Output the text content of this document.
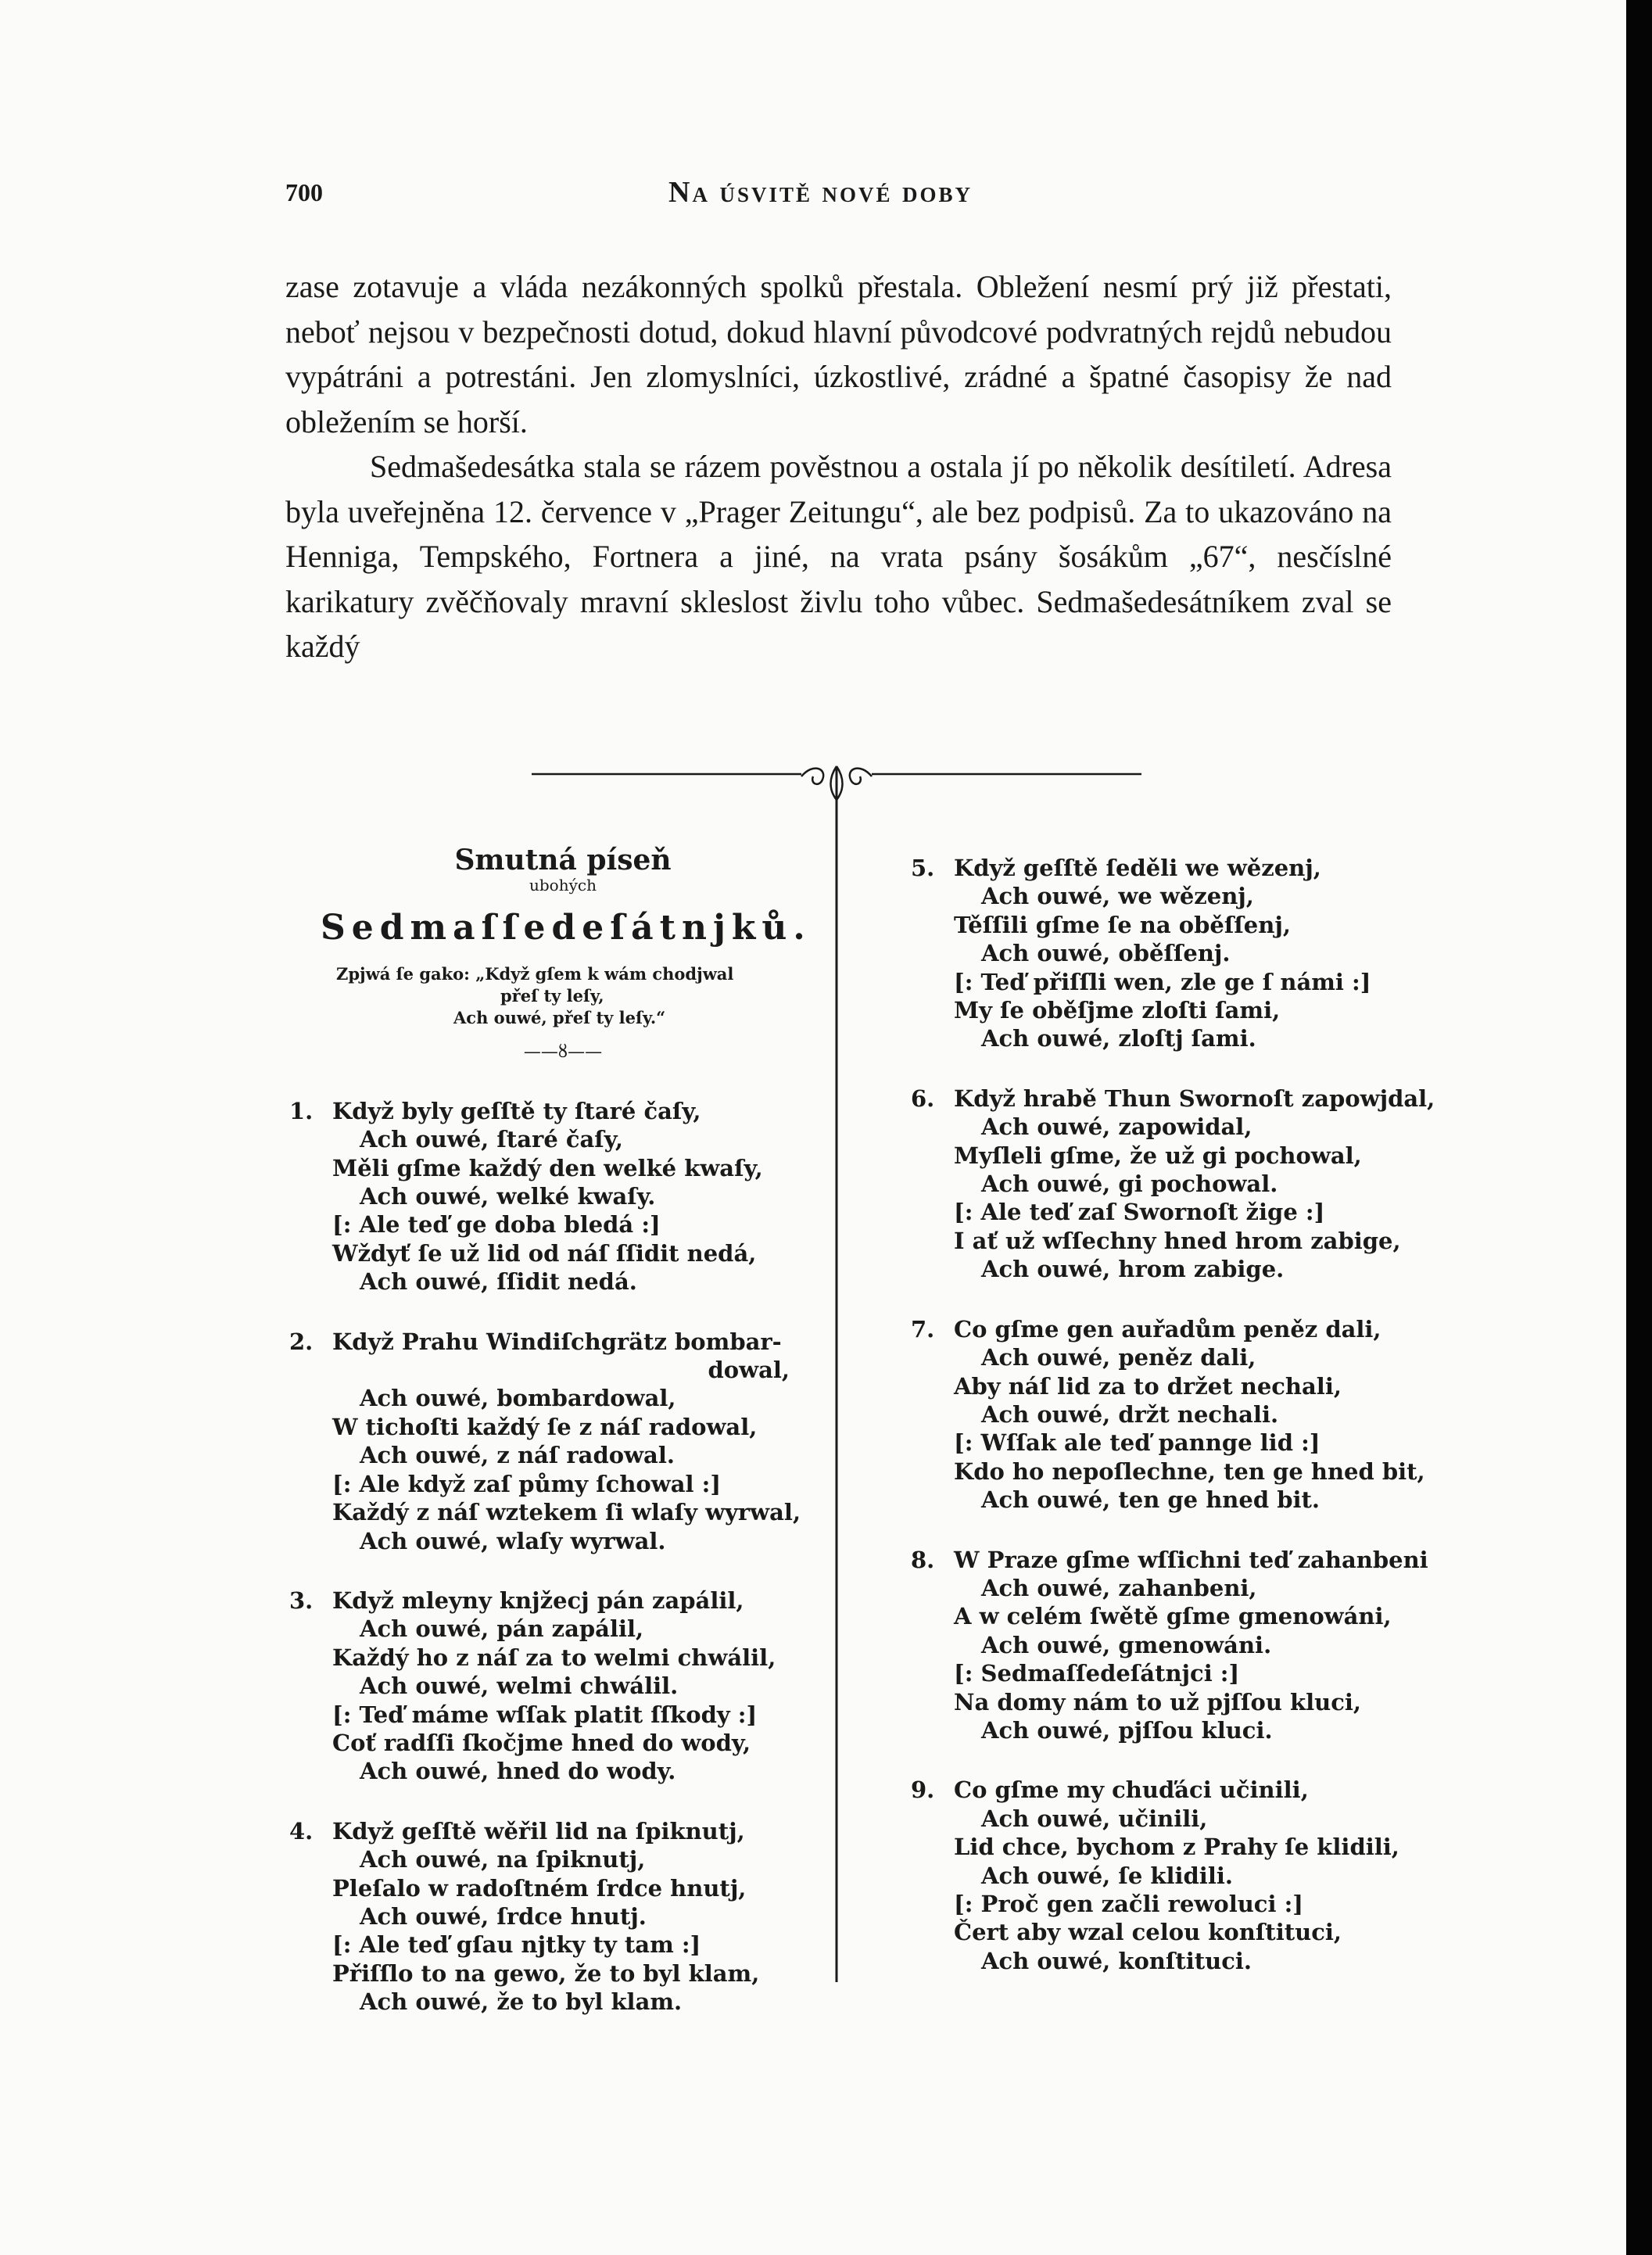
700	Na úsvitě nové doby

zase zotavuje a vláda nezákonných spolků přestala. Obležení nesmí prý již přestati, neboť nejsou v bezpečnosti dotud, dokud hlavní původcové podvratných rejdů nebudou vypátráni a potrestáni. Jen zlomyslníci, úzkostlivé, zrádné a špatné časopisy že nad obležením se horší.

Sedmašedesátka stala se rázem pověstnou a ostala jí po několik desítiletí. Adresa byla uveřejněna 12. července v „Prager Zeitungu“, ale bez podpisů. Za to ukazováno na Henniga, Tempského, Fortnera a jiné, na vrata psány šosákům „67“, nesčíslné karikatury zvěčňovaly mravní skleslost živlu toho vůbec. Sedmašedesátníkem zval se každý

Smutná píseň
ubohých
Sedmaſſedeſátnjků.
Zpjwá ſe gako: „Když gſem k wám chodjwal
přeſ ty leſy,
Ach ouwé, přeſ ty leſy.“
——ȣ——
1. Když byly geſſtě ty ſtaré čaſy,
Ach ouwé, ſtaré čaſy,
Měli gſme každý den welké kwaſy,
Ach ouwé, welké kwaſy.
[: Ale teď ge doba bledá :]
Wždyť ſe už lid od náſ ſſidit nedá,
Ach ouwé, ſſidit nedá.
2. Když Prahu Windiſchgrätz bombar-
dowal,
Ach ouwé, bombardowal,
W tichoſti každý ſe z náſ radowal,
Ach ouwé, z náſ radowal.
[: Ale když zaſ půmy ſchowal :]
Každý z náſ wztekem ſi wlaſy wyrwal,
Ach ouwé, wlaſy wyrwal.
3. Když mleyny knjžecj pán zapálil,
Ach ouwé, pán zapálil,
Každý ho z náſ za to welmi chwálil,
Ach ouwé, welmi chwálil.
[: Teď máme wſſak platit ſſkody :]
Coť radſſi ſkočjme hned do wody,
Ach ouwé, hned do wody.
4. Když geſſtě wěřil lid na ſpiknutj,
Ach ouwé, na ſpiknutj,
Pleſalo w radoſtném ſrdce hnutj,
Ach ouwé, ſrdce hnutj.
[: Ale teď gſau njtky ty tam :]
Přiſſlo to na gewo, že to byl klam,
Ach ouwé, že to byl klam.
5. Když geſſtě ſeděli we wězenj,
Ach ouwé, we wězenj,
Těſſili gſme ſe na oběſſenj,
Ach ouwé, oběſſenj.
[: Teď přiſſli wen, zle ge ſ námi :]
My ſe oběſjme zloſti ſami,
Ach ouwé, zloſtj ſami.
6. Když hrabě Thun Swornoſt zapowjdal,
Ach ouwé, zapowidal,
Myſleli gſme, že už gi pochowal,
Ach ouwé, gi pochowal.
[: Ale teď zaſ Swornoſt žige :]
I ať už wſſechny hned hrom zabige,
Ach ouwé, hrom zabige.
7. Co gſme gen auřadům peněz dali,
Ach ouwé, peněz dali,
Aby náſ lid za to držet nechali,
Ach ouwé, držt nechali.
[: Wſſak ale teď pannge lid :]
Kdo ho nepoſlechne, ten ge hned bit,
Ach ouwé, ten ge hned bit.
8. W Praze gſme wſſichni teď zahanbeni
Ach ouwé, zahanbeni,
A w celém ſwětě gſme gmenowáni,
Ach ouwé, gmenowáni.
[: Sedmaſſedeſátnjci :]
Na domy nám to už pjſſou kluci,
Ach ouwé, pjſſou kluci.
9. Co gſme my chuďáci učinili,
Ach ouwé, učinili,
Lid chce, bychom z Prahy ſe klidili,
Ach ouwé, ſe klidili.
[: Proč gen začli rewoluci :]
Čert aby wzal celou konſtituci,
Ach ouwé, konſtituci.
